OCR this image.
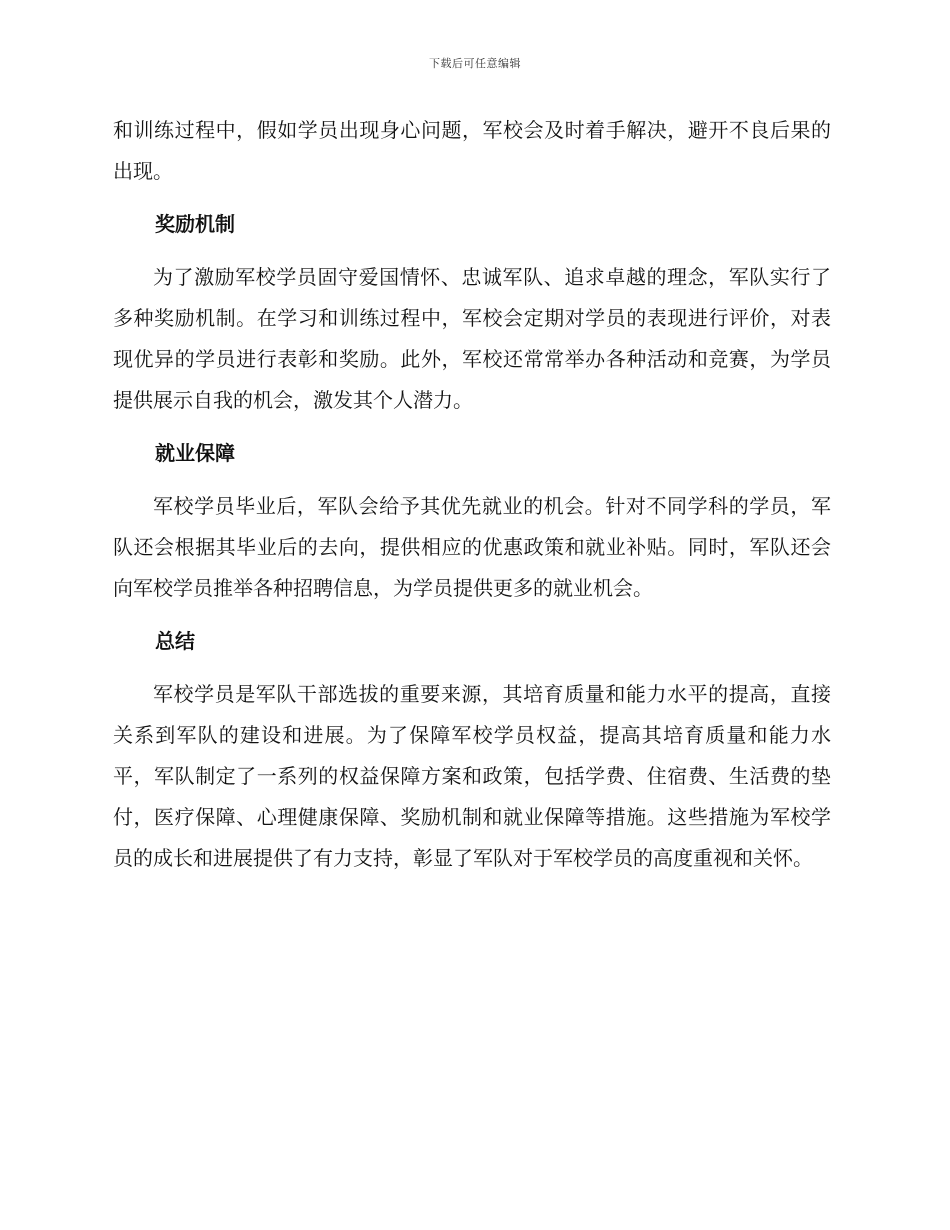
下载后可任意编辑

和训练过程中，假如学员出现身心问题，军校会及时着手解决，避开不良后果的出现。

奖励机制

为了激励军校学员固守爱国情怀、忠诚军队、追求卓越的理念，军队实行了多种奖励机制。在学习和训练过程中，军校会定期对学员的表现进行评价，对表现优异的学员进行表彰和奖励。此外，军校还常常举办各种活动和竞赛，为学员提供展示自我的机会，激发其个人潜力。

就业保障

军校学员毕业后，军队会给予其优先就业的机会。针对不同学科的学员，军队还会根据其毕业后的去向，提供相应的优惠政策和就业补贴。同时，军队还会向军校学员推举各种招聘信息，为学员提供更多的就业机会。

总结

军校学员是军队干部选拔的重要来源，其培育质量和能力水平的提高，直接关系到军队的建设和进展。为了保障军校学员权益，提高其培育质量和能力水平，军队制定了一系列的权益保障方案和政策，包括学费、住宿费、生活费的垫付，医疗保障、心理健康保障、奖励机制和就业保障等措施。这些措施为军校学员的成长和进展提供了有力支持，彰显了军队对于军校学员的高度重视和关怀。
